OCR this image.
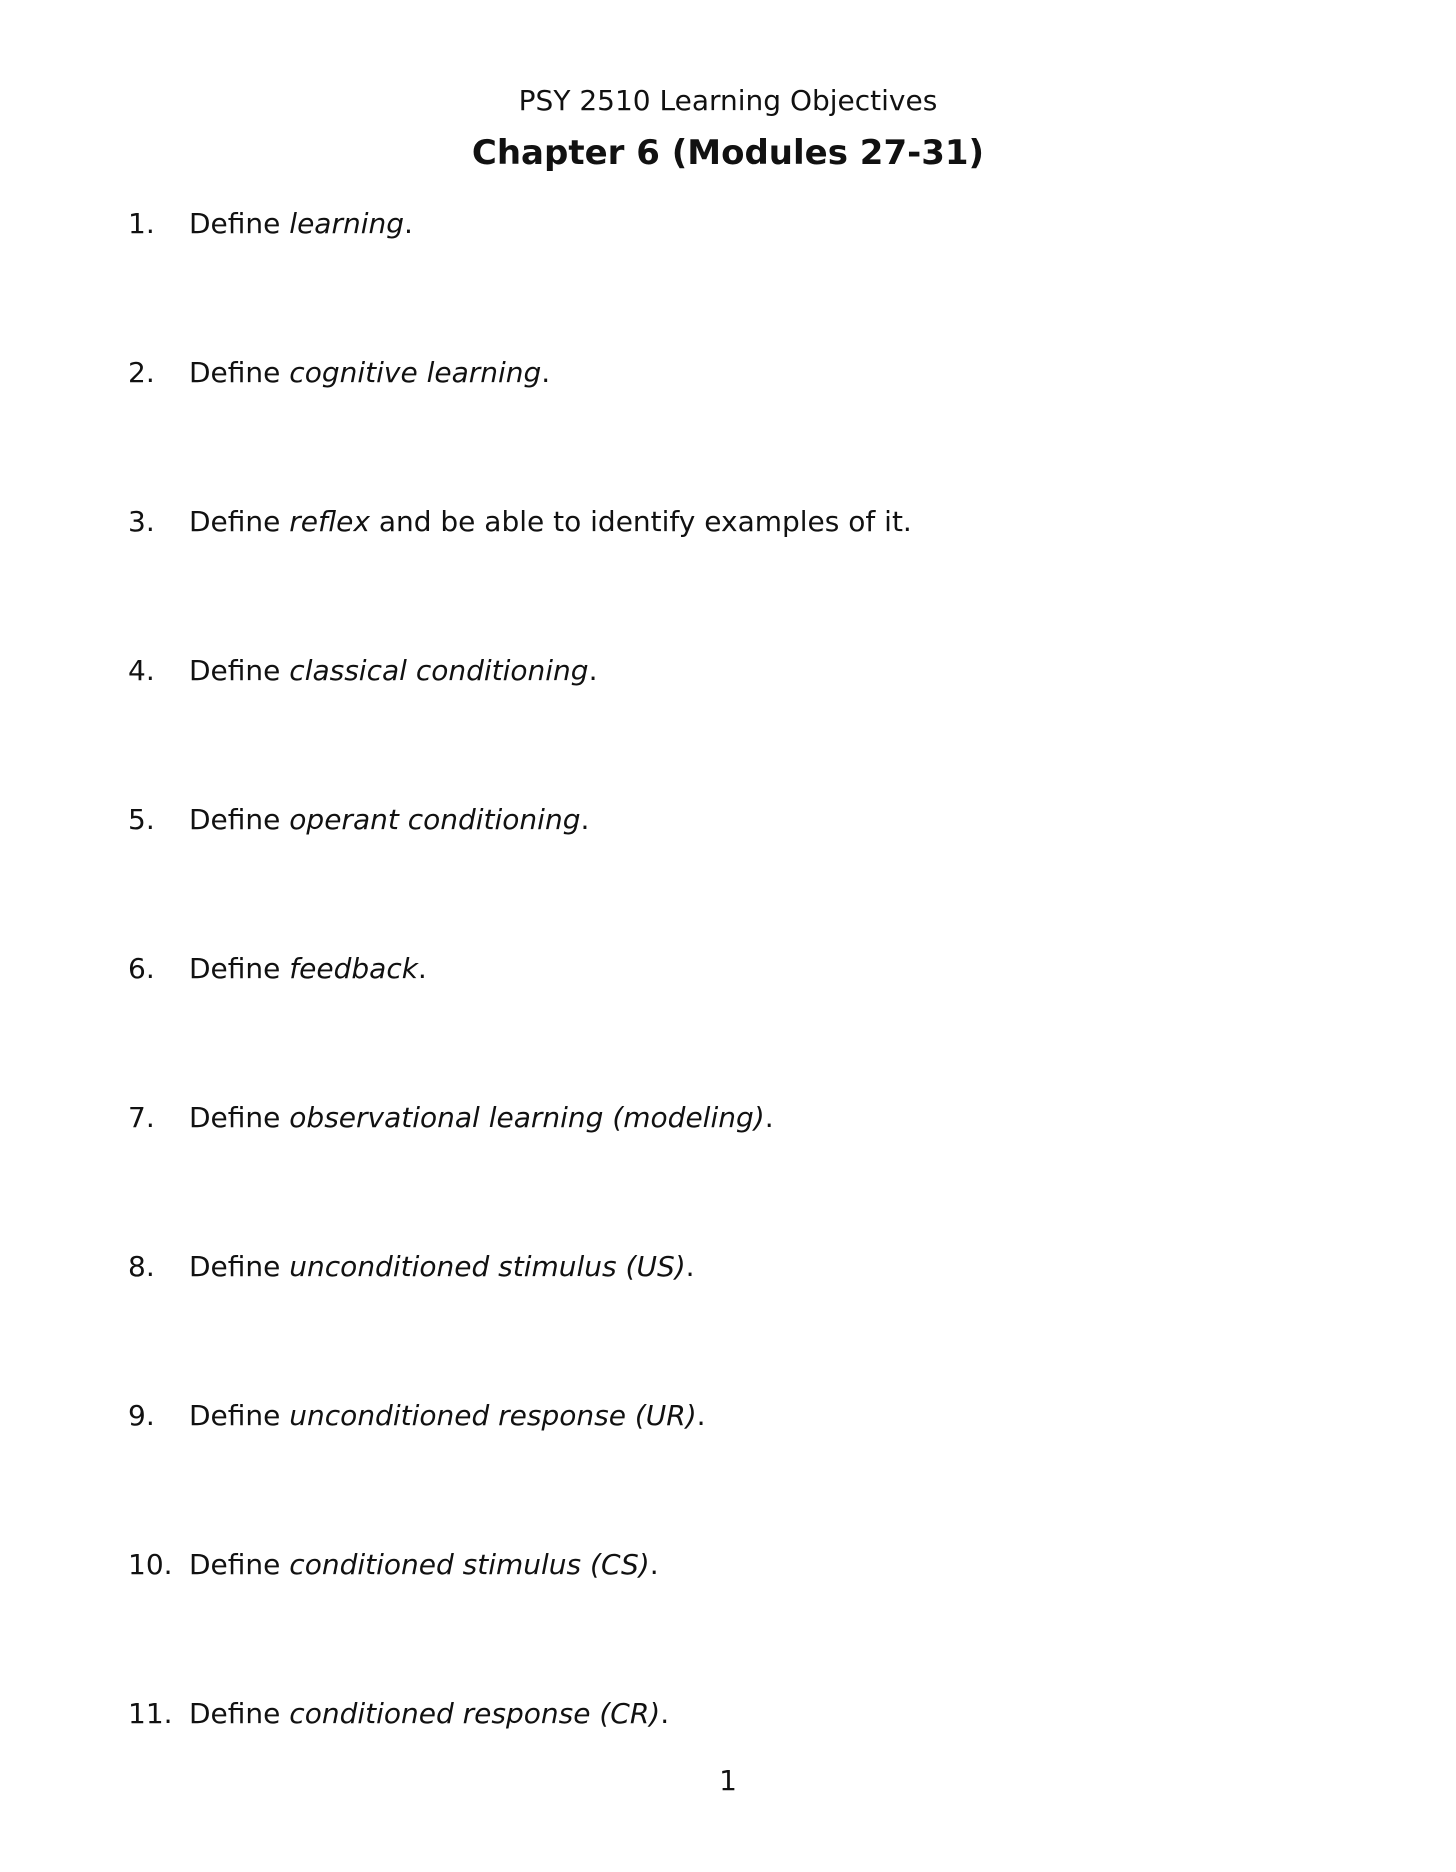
PSY 2510 Learning Objectives
Chapter 6 (Modules 27-31)
1. Define learning.
2. Define cognitive learning.
3. Define reflex and be able to identify examples of it.
4. Define classical conditioning.
5. Define operant conditioning.
6. Define feedback.
7. Define observational learning (modeling).
8. Define unconditioned stimulus (US).
9. Define unconditioned response (UR).
10. Define conditioned stimulus (CS).
11. Define conditioned response (CR).
1
